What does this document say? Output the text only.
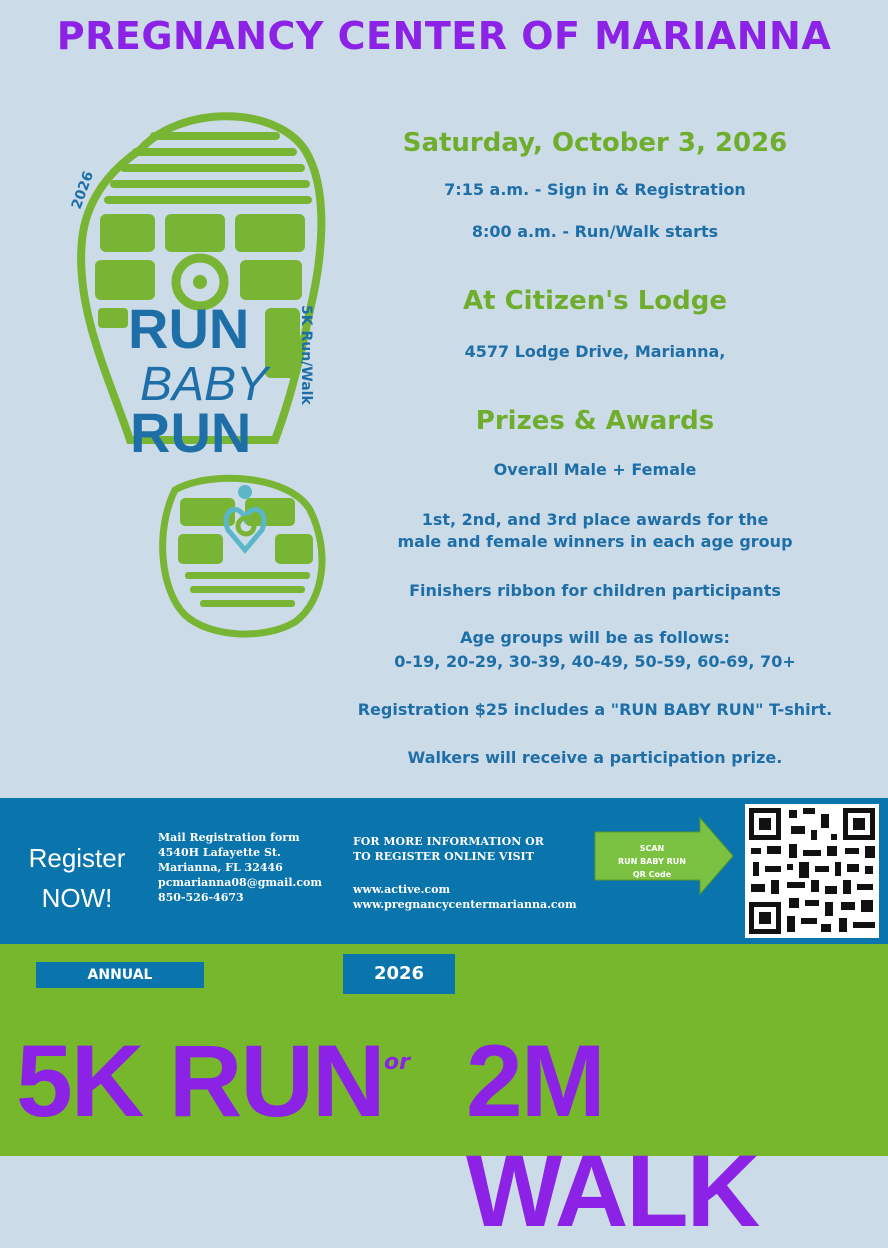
PREGNANCY CENTER OF MARIANNA
2026
RUN
BABY
RUN
5K Run/Walk
Saturday, October 3, 2026
7:15 a.m. - Sign in & Registration
8:00 a.m. - Run/Walk starts
At Citizen's Lodge
4577 Lodge Drive, Marianna,
Prizes & Awards
Overall Male + Female
1st, 2nd, and 3rd place awards for the
male and female winners in each age group
Finishers ribbon for children participants
Age groups will be as follows:
0-19, 20-29, 30-39, 40-49, 50-59, 60-69, 70+
Registration $25 includes a "RUN BABY RUN" T-shirt.
Walkers will receive a participation prize.
Register
NOW!
Mail Registration form
4540H Lafayette St.
Marianna, FL 32446
pcmarianna08@gmail.com
850-526-4673
FOR MORE INFORMATION OR
TO REGISTER ONLINE VISIT
www.active.com
www.pregnancycentermarianna.com
SCAN
RUN BABY RUN
QR Code
ANNUAL	2026
5K RUN or 2M WALK
